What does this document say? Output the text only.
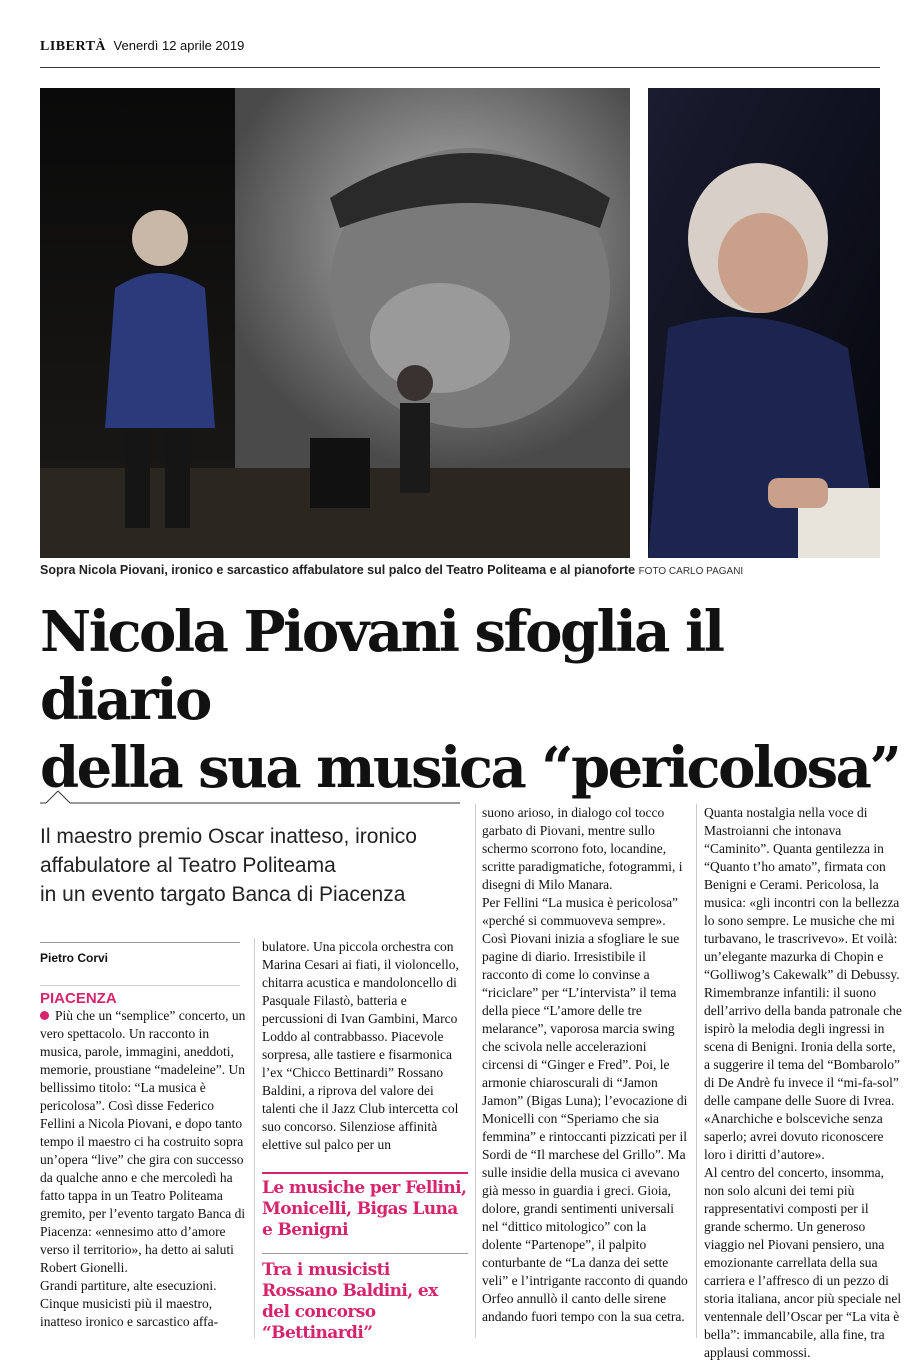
LIBERTÀ Venerdì 12 aprile 2019
Sopra Nicola Piovani, ironico e sarcastico affabulatore sul palco del Teatro Politeama e al pianoforte FOTO CARLO PAGANI
Nicola Piovani sfoglia il diario
della sua musica “pericolosa”
Il maestro premio Oscar inatteso, ironico
affabulatore al Teatro Politeama
in un evento targato Banca di Piacenza
Pietro Corvi
PIACENZA

Più che un “semplice” concerto, un vero spettacolo. Un racconto in musica, parole, immagini, aneddoti, memorie, proustiane “madeleine”. Un bellissimo titolo: “La musica è pericolosa”. Così disse Federico Fellini a Nicola Piovani, e dopo tanto tempo il maestro ci ha costruito sopra un’opera “live” che gira con successo da qualche anno e che mercoledì ha fatto tappa in un Teatro Politeama gremito, per l’evento targato Banca di Piacenza: «ennesimo atto d’amore verso il territorio», ha detto ai saluti Robert Gionelli.

Grandi partiture, alte esecuzioni. Cinque musicisti più il maestro, inatteso ironico e sarcastico affa-

bulatore. Una piccola orchestra con Marina Cesari ai fiati, il violoncello, chitarra acustica e mandoloncello di Pasquale Filastò, batteria e percussioni di Ivan Gambini, Marco Loddo al contrabbasso. Piacevole sorpresa, alle tastiere e fisarmonica l’ex “Chicco Bettinardi” Rossano Baldini, a riprova del valore dei talenti che il Jazz Club intercetta col suo concorso. Silenziose affinità elettive sul palco per un

Le musiche per Fellini, Monicelli, Bigas Luna e Benigni
Tra i musicisti Rossano Baldini, ex del concorso “Bettinardi”

suono arioso, in dialogo col tocco garbato di Piovani, mentre sullo schermo scorrono foto, locandine, scritte paradigmatiche, fotogrammi, i disegni di Milo Manara.

Per Fellini “La musica è pericolosa” «perché si commuoveva sempre». Così Piovani inizia a sfogliare le sue pagine di diario. Irresistibile il racconto di come lo convinse a “riciclare” per “L’intervista” il tema della piece “L’amore delle tre melarance”, vaporosa marcia swing che scivola nelle accelerazioni circensi di “Ginger e Fred”. Poi, le armonie chiaroscurali di “Jamon Jamon” (Bigas Luna); l’evocazione di Monicelli con “Speriamo che sia femmina” e rintoccanti pizzicati per il Sordi de “Il marchese del Grillo”. Ma sulle insidie della musica ci avevano già messo in guardia i greci. Gioia, dolore, grandi sentimenti universali nel “dittico mitologico” con la dolente “Partenope”, il palpito conturbante de “La danza dei sette veli” e l’intrigante racconto di quando Orfeo annullò il canto delle sirene andando fuori tempo con la sua cetra.

Quanta nostalgia nella voce di Mastroianni che intonava “Caminito”. Quanta gentilezza in “Quanto t’ho amato”, firmata con Benigni e Cerami. Pericolosa, la musica: «gli incontri con la bellezza lo sono sempre. Le musiche che mi turbavano, le trascrivevo». Et voilà: un’elegante mazurka di Chopin e “Golliwog’s Cakewalk” di Debussy. Rimembranze infantili: il suono dell’arrivo della banda patronale che ispirò la melodia degli ingressi in scena di Benigni. Ironia della sorte, a suggerire il tema del “Bombarolo” di De Andrè fu invece il “mi-fa-sol” delle campane delle Suore di Ivrea. «Anarchiche e bolsceviche senza saperlo; avrei dovuto riconoscere loro i diritti d’autore».

Al centro del concerto, insomma, non solo alcuni dei temi più rappresentativi composti per il grande schermo. Un generoso viaggio nel Piovani pensiero, una emozionante carrellata della sua carriera e l’affresco di un pezzo di storia italiana, ancor più speciale nel ventennale dell’Oscar per “La vita è bella”: immancabile, alla fine, tra applausi commossi.
